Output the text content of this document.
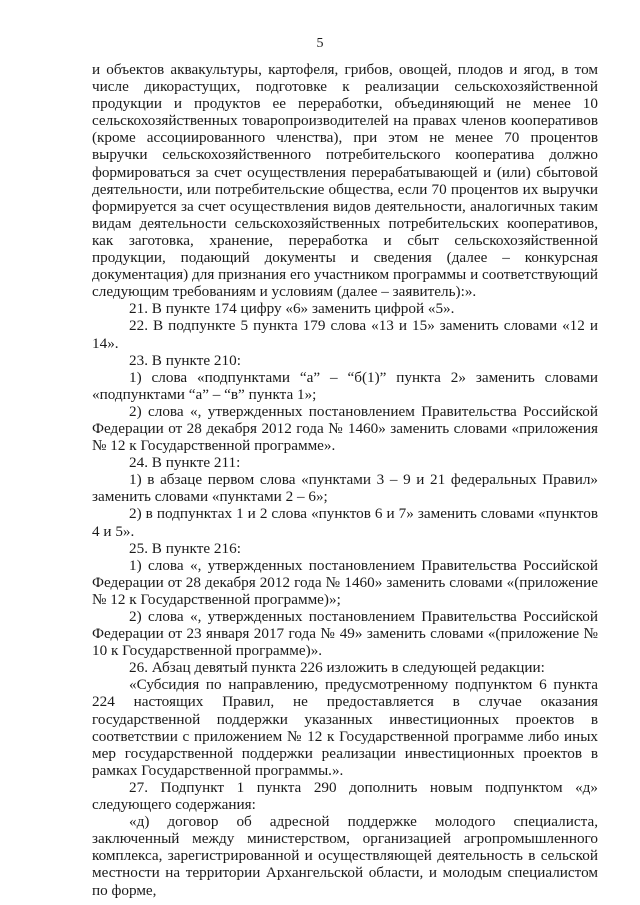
5

и объектов аквакультуры, картофеля, грибов, овощей, плодов и ягод, в том числе дикорастущих, подготовке к реализации сельскохозяйственной продукции и продуктов ее переработки, объединяющий не менее 10 сельскохозяйственных товаропроизводителей на правах членов кооперативов (кроме ассоциированного членства), при этом не менее 70 процентов выручки сельскохозяйственного потребительского кооператива должно формироваться за счет осуществления перерабатывающей и (или) сбытовой деятельности, или потребительские общества, если 70 процентов их выручки формируется за счет осуществления видов деятельности, аналогичных таким видам деятельности сельскохозяйственных потребительских кооперативов, как заготовка, хранение, переработка и сбыт сельскохозяйственной продукции, подающий документы и сведения (далее – конкурсная документация) для признания его участником программы и соответствующий следующим требованиям и условиям (далее – заявитель):».

21. В пункте 174 цифру «6» заменить цифрой «5».

22. В подпункте 5 пункта 179 слова «13 и 15» заменить словами «12 и 14».

23. В пункте 210:

1) слова «подпунктами “а” – “б(1)” пункта 2» заменить словами «подпунктами “а” – “в” пункта 1»;

2) слова «, утвержденных постановлением Правительства Российской Федерации от 28 декабря 2012 года № 1460» заменить словами «приложения № 12 к Государственной программе».

24. В пункте 211:

1) в абзаце первом слова «пунктами 3 – 9 и 21 федеральных Правил» заменить словами «пунктами 2 – 6»;

2) в подпунктах 1 и 2 слова «пунктов 6 и 7» заменить словами «пунктов 4 и 5».

25. В пункте 216:

1) слова «, утвержденных постановлением Правительства Российской Федерации от 28 декабря 2012 года № 1460» заменить словами «(приложение № 12 к Государственной программе)»;

2) слова «, утвержденных постановлением Правительства Российской Федерации от 23 января 2017 года № 49» заменить словами «(приложение № 10 к Государственной программе)».

26. Абзац девятый пункта 226 изложить в следующей редакции:

«Субсидия по направлению, предусмотренному подпунктом 6 пункта 224 настоящих Правил, не предоставляется в случае оказания государственной поддержки указанных инвестиционных проектов в соответствии с приложением № 12 к Государственной программе либо иных мер государственной поддержки реализации инвестиционных проектов в рамках Государственной программы.».

27. Подпункт 1 пункта 290 дополнить новым подпунктом «д» следующего содержания:

«д) договор об адресной поддержке молодого специалиста, заключенный между министерством, организацией агропромышленного комплекса, зарегистрированной и осуществляющей деятельность в сельской местности на территории Архангельской области, и молодым специалистом по форме,
